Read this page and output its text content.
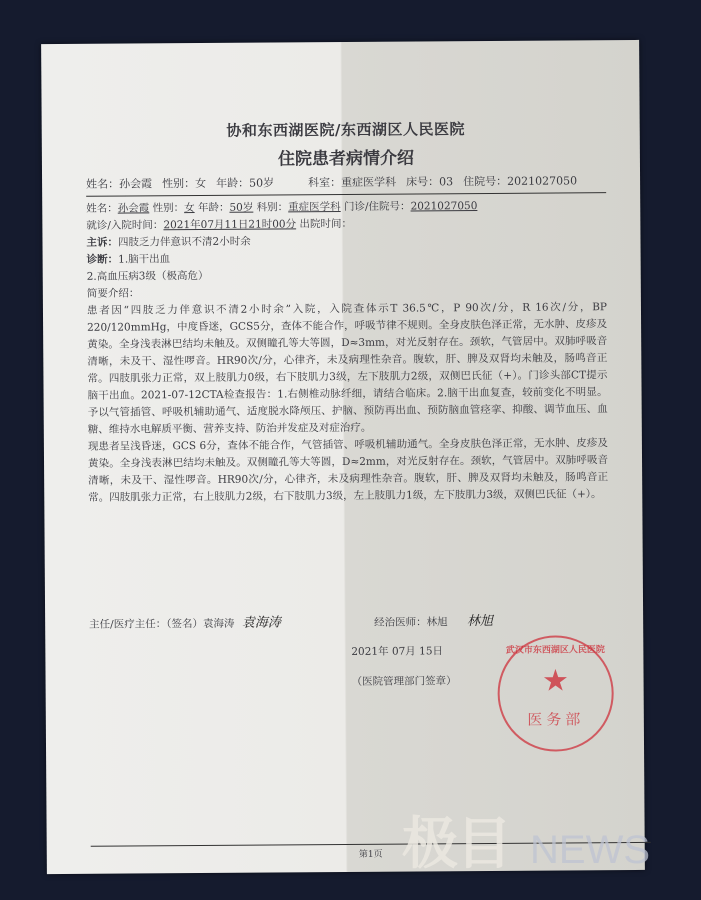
协和东西湖医院/东西湖区人民医院
住院患者病情介绍
姓名：孙会霞 性别：女 年龄：50岁	科室：重症医学科 床号：03 住院号：2021027050
姓名：孙会霞 性别：女 年龄：50岁 科别：重症医学科 门诊/住院号：2021027050
就诊/入院时间：2021年07月11日21时00分 出院时间：
主诉：四肢乏力伴意识不清2小时余
诊断：1.脑干出血
2.高血压病3级（极高危）
简要介绍：
患者因“四肢乏力伴意识不清2小时余”入院，入院查体示T 36.5℃，P 90次/分，R 16次/分，BP 220/120mmHg，中度昏迷，GCS5分，查体不能合作，呼吸节律不规则。全身皮肤色泽正常，无水肿、皮疹及黄染。全身浅表淋巴结均未触及。双侧瞳孔等大等圆，D≈3mm，对光反射存在。颈软，气管居中。双肺呼吸音清晰，未及干、湿性啰音。HR90次/分，心律齐，未及病理性杂音。腹软，肝、脾及双肾均未触及，肠鸣音正常。四肢肌张力正常，双上肢肌力0级，右下肢肌力3级，左下肢肌力2级，双侧巴氏征（+）。门诊头部CT提示脑干出血。2021-07-12CTA检查报告：1.右侧椎动脉纤细，请结合临床。2.脑干出血复查，较前变化不明显。予以气管插管、呼吸机辅助通气、适度脱水降颅压、护脑、预防再出血、预防脑血管痉挛、抑酸、调节血压、血糖、维持水电解质平衡、营养支持、防治并发症及对症治疗。
现患者呈浅昏迷，GCS 6分，查体不能合作，气管插管、呼吸机辅助通气。全身皮肤色泽正常，无水肿、皮疹及黄染。全身浅表淋巴结均未触及。双侧瞳孔等大等圆，D≈2mm，对光反射存在。颈软，气管居中。双肺呼吸音清晰，未及干、湿性啰音。HR90次/分，心律齐，未及病理性杂音。腹软，肝、脾及双肾均未触及，肠鸣音正常。四肢肌张力正常，右上肢肌力2级，右下肢肌力3级，左上肢肌力1级，左下肢肌力3级，双侧巴氏征（+）。
主任/医疗主任：（签名）袁海涛 袁海涛	经治医师：林旭 林旭
2021年 07月 15日
（医院管理部门签章）
武汉市东西湖区人民医院
★
医务部
第1页 极目 NEWS
